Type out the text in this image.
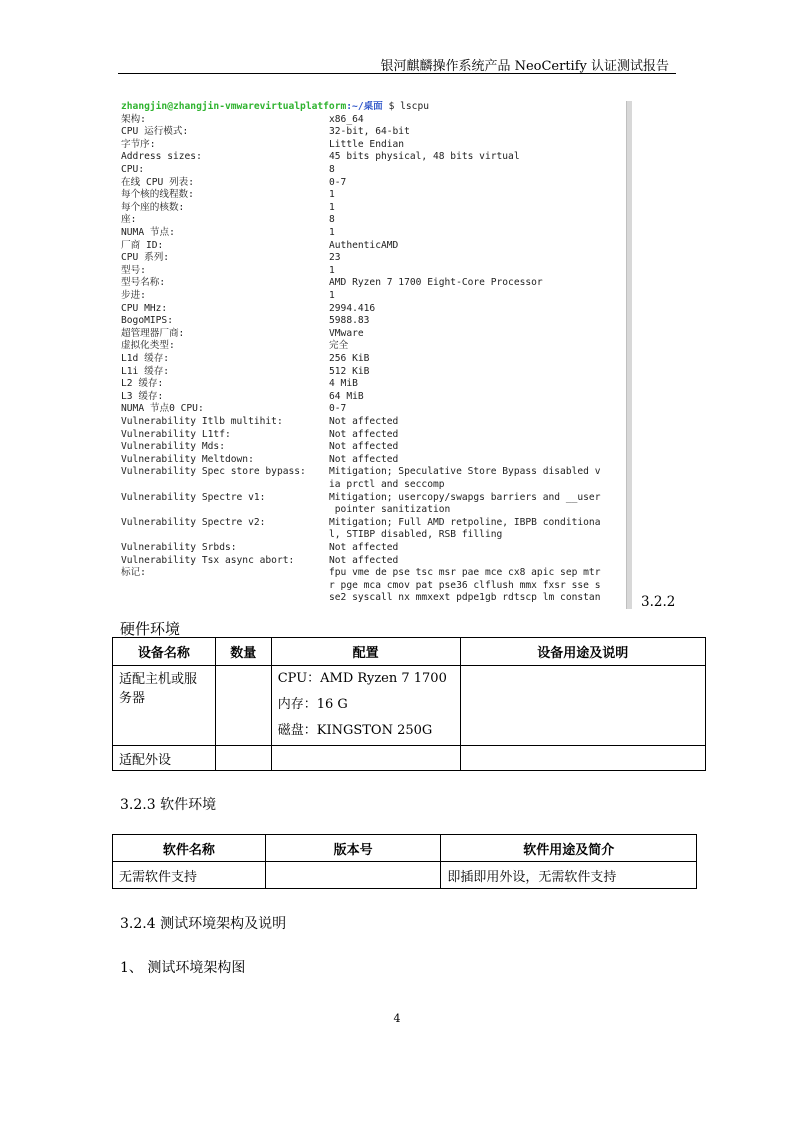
银河麒麟操作系统产品 NeoCertify 认证测试报告
zhangjin@zhangjin-vmwarevirtualplatform:~/桌面 $ lscpu
架构:	x86_64
CPU 运行模式:	32-bit, 64-bit
字节序:	Little Endian
Address sizes:	45 bits physical, 48 bits virtual
CPU:	8
在线 CPU 列表:	0-7
每个核的线程数:	1
每个座的核数:	1
座:	8
NUMA 节点:	1
厂商 ID:	AuthenticAMD
CPU 系列:	23
型号:	1
型号名称:	AMD Ryzen 7 1700 Eight-Core Processor
步进:	1
CPU MHz:	2994.416
BogoMIPS:	5988.83
超管理器厂商:	VMware
虚拟化类型:	完全
L1d 缓存:	256 KiB
L1i 缓存:	512 KiB
L2 缓存:	4 MiB
L3 缓存:	64 MiB
NUMA 节点0 CPU:	0-7
Vulnerability Itlb multihit:	Not affected
Vulnerability L1tf:	Not affected
Vulnerability Mds:	Not affected
Vulnerability Meltdown:	Not affected
Vulnerability Spec store bypass: Mitigation; Speculative Store Bypass disabled v
ia prctl and seccomp
Vulnerability Spectre v1:	Mitigation; usercopy/swapgs barriers and __user
pointer sanitization
Vulnerability Spectre v2:	Mitigation; Full AMD retpoline, IBPB conditiona
l, STIBP disabled, RSB filling
Vulnerability Srbds:	Not affected
Vulnerability Tsx async abort:	Not affected
标记:	fpu vme de pse tsc msr pae mce cx8 apic sep mtr
r pge mca cmov pat pse36 clflush mmx fxsr sse s
se2 syscall nx mmxext pdpe1gb rdtscp lm constan	3.2.2
硬件环境
设备名称	数量	配置	设备用途及说明
适配主机或服务器		CPU：AMD Ryzen 7 1700
内存：16 G
磁盘：KINGSTON 250G	

适配外设			
3.2.3 软件环境
软件名称	版本号	软件用途及简介
无需软件支持		即插即用外设，无需软件支持
3.2.4 测试环境架构及说明
1、 测试环境架构图
4
